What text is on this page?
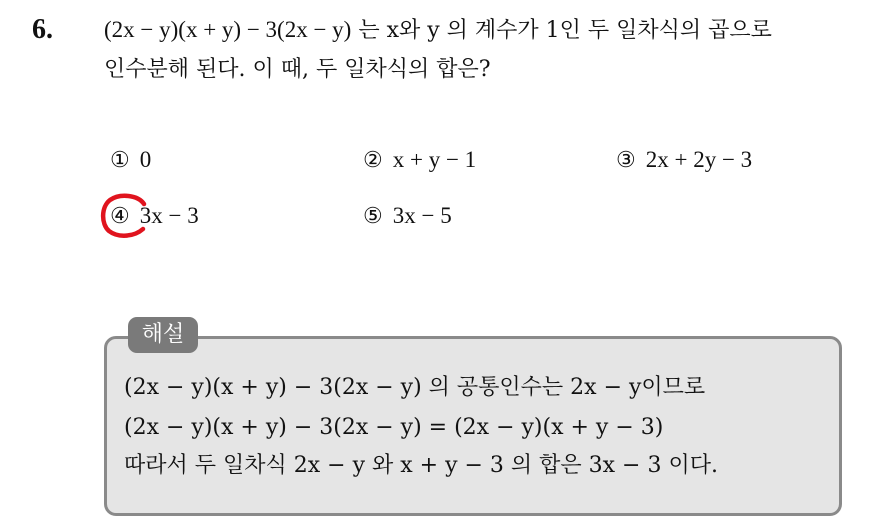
6. (2x − y)(x + y) − 3(2x − y) 는 x와 y 의 계수가 1인 두 일차식의 곱으로
인수분해 된다. 이 때, 두 일차식의 합은?
① 0	② x + y − 1	③ 2x + 2y − 3
④ 3x − 3	⑤ 3x − 5
해설
(2x − y)(x + y) − 3(2x − y) 의 공통인수는 2x − y이므로
(2x − y)(x + y) − 3(2x − y) = (2x − y)(x + y − 3)
따라서 두 일차식 2x − y 와 x + y − 3 의 합은 3x − 3 이다.
